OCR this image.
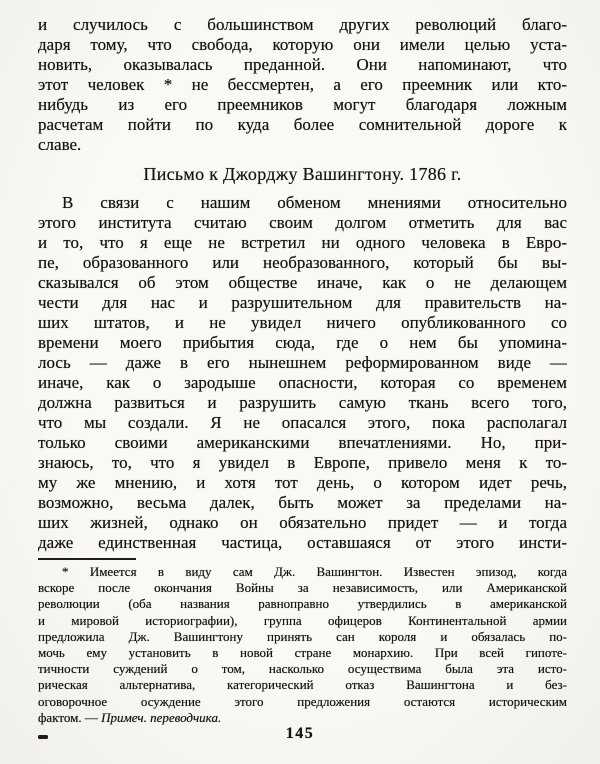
и случилось с большинством других революций благо-
даря тому, что свобода, которую они имели целью уста-
новить, оказывалась преданной. Они напоминают, что
этот человек * не бессмертен, а его преемник или кто-
нибудь из его преемников могут благодаря ложным
расчетам пойти по куда более сомнительной дороге к
славе.
Письмо к Джорджу Вашингтону. 1786 г.
В связи с нашим обменом мнениями относительно
этого института считаю своим долгом отметить для вас
и то, что я еще не встретил ни одного человека в Евро-
пе, образованного или необразованного, который бы вы-
сказывался об этом обществе иначе, как о не делающем
чести для нас и разрушительном для правительств на-
ших штатов, и не увидел ничего опубликованного со
времени моего прибытия сюда, где о нем бы упомина-
лось — даже в его нынешнем реформированном виде —
иначе, как о зародыше опасности, которая со временем
должна развиться и разрушить самую ткань всего того,
что мы создали. Я не опасался этого, пока располагал
только своими американскими впечатлениями. Но, при-
знаюсь, то, что я увидел в Европе, привело меня к то-
му же мнению, и хотя тот день, о котором идет речь,
возможно, весьма далек, быть может за пределами на-
ших жизней, однако он обязательно придет — и тогда
даже единственная частица, оставшаяся от этого инсти-
* Имеется в виду сам Дж. Вашингтон. Известен эпизод, когда
вскоре после окончания Войны за независимость, или Американской
революции (оба названия равноправно утвердились в американской
и мировой историографии), группа офицеров Континентальной армии
предложила Дж. Вашингтону принять сан короля и обязалась по-
мочь ему установить в новой стране монархию. При всей гипоте-
тичности суждений о том, насколько осуществима была эта исто-
рическая альтернатива, категорический отказ Вашингтона и без-
оговорочное осуждение этого предложения остаются историческим
фактом. — Примеч. переводчика.
145
